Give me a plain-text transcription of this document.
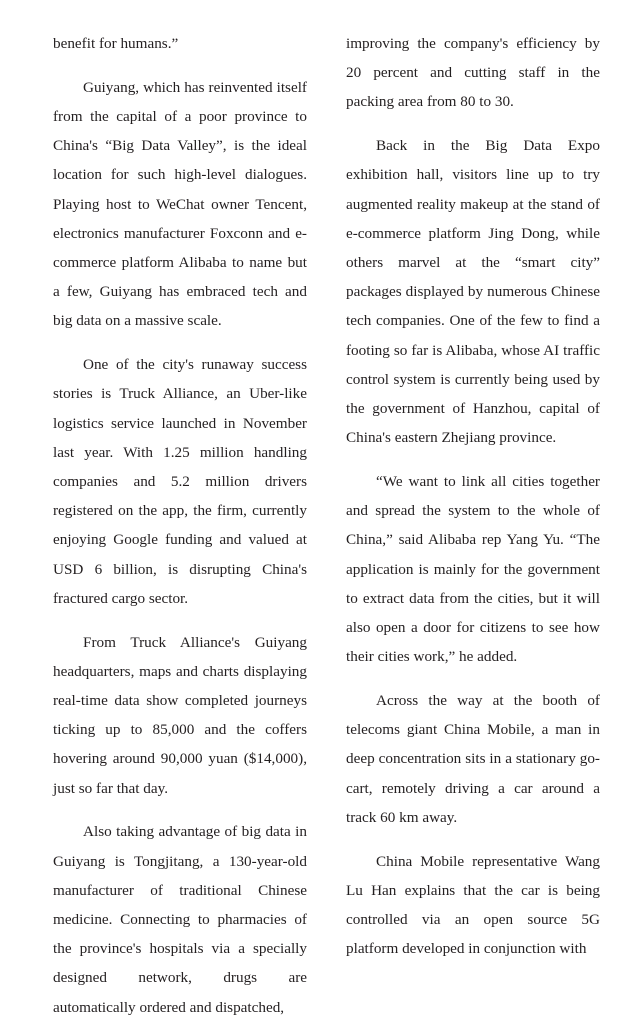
benefit for humans.”

Guiyang, which has reinvented itself from the capital of a poor province to China's “Big Data Valley”, is the ideal location for such high-level dialogues. Playing host to WeChat owner Tencent, electronics manufacturer Foxconn and e-commerce platform Alibaba to name but a few, Guiyang has embraced tech and big data on a massive scale.

One of the city's runaway success stories is Truck Alliance, an Uber-like logistics service launched in November last year. With 1.25 million handling companies and 5.2 million drivers registered on the app, the firm, currently enjoying Google funding and valued at USD 6 billion, is disrupting China's fractured cargo sector.

From Truck Alliance's Guiyang headquarters, maps and charts displaying real-time data show completed journeys ticking up to 85,000 and the coffers hovering around 90,000 yuan ($14,000), just so far that day.

Also taking advantage of big data in Guiyang is Tongjitang, a 130-year-old manufacturer of traditional Chinese medicine. Connecting to pharmacies of the province's hospitals via a specially designed network, drugs are automatically ordered and dispatched,

improving the company's efficiency by 20 percent and cutting staff in the packing area from 80 to 30.

Back in the Big Data Expo exhibition hall, visitors line up to try augmented reality makeup at the stand of e-commerce platform Jing Dong, while others marvel at the “smart city” packages displayed by numerous Chinese tech companies. One of the few to find a footing so far is Alibaba, whose AI traffic control system is currently being used by the government of Hanzhou, capital of China's eastern Zhejiang province.

“We want to link all cities together and spread the system to the whole of China,” said Alibaba rep Yang Yu. “The application is mainly for the government to extract data from the cities, but it will also open a door for citizens to see how their cities work,” he added.

Across the way at the booth of telecoms giant China Mobile, a man in deep concentration sits in a stationary go-cart, remotely driving a car around a track 60 km away.

China Mobile representative Wang Lu Han explains that the car is being controlled via an open source 5G platform developed in conjunction with
